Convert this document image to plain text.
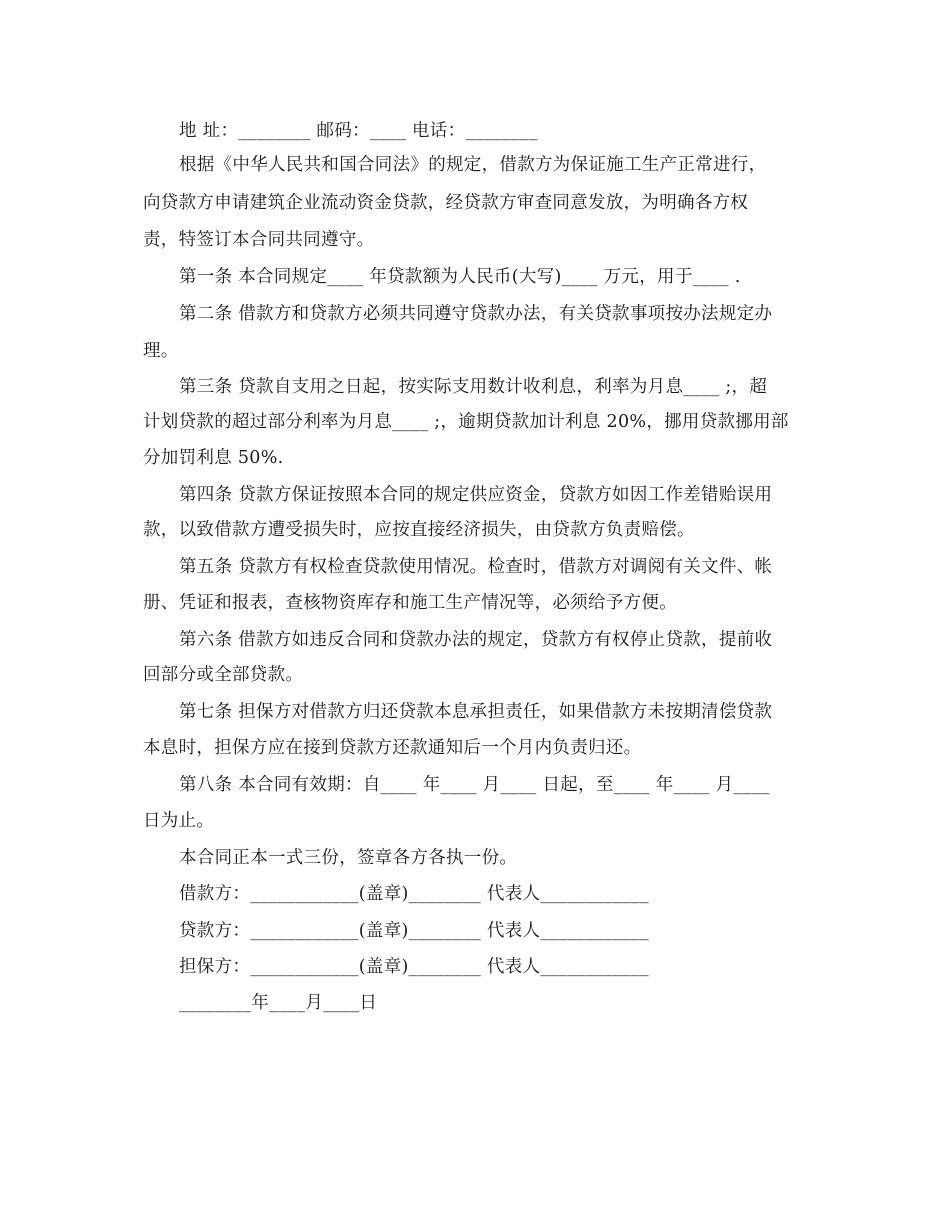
地 址：________ 邮码：____ 电话：________
根据《中华人民共和国合同法》的规定，借款方为保证施工生产正常进行，
向贷款方申请建筑企业流动资金贷款，经贷款方审查同意发放，为明确各方权
责，特签订本合同共同遵守。
第一条 本合同规定____ 年贷款额为人民币(大写)____ 万元，用于____ .
第二条 借款方和贷款方必须共同遵守贷款办法，有关贷款事项按办法规定办
理。
第三条 贷款自支用之日起，按实际支用数计收利息，利率为月息____ ;，超
计划贷款的超过部分利率为月息____ ;，逾期贷款加计利息 20%，挪用贷款挪用部
分加罚利息 50%.
第四条 贷款方保证按照本合同的规定供应资金，贷款方如因工作差错贻误用
款，以致借款方遭受损失时，应按直接经济损失，由贷款方负责赔偿。
第五条 贷款方有权检查贷款使用情况。检查时，借款方对调阅有关文件、帐
册、凭证和报表，查核物资库存和施工生产情况等，必须给予方便。
第六条 借款方如违反合同和贷款办法的规定，贷款方有权停止贷款，提前收
回部分或全部贷款。
第七条 担保方对借款方归还贷款本息承担责任，如果借款方未按期清偿贷款
本息时，担保方应在接到贷款方还款通知后一个月内负责归还。
第八条 本合同有效期：自____ 年____ 月____ 日起，至____ 年____ 月____
日为止。
本合同正本一式三份，签章各方各执一份。
借款方：____________(盖章)________ 代表人____________
贷款方：____________(盖章)________ 代表人____________
担保方：____________(盖章)________ 代表人____________
________年____月____日
